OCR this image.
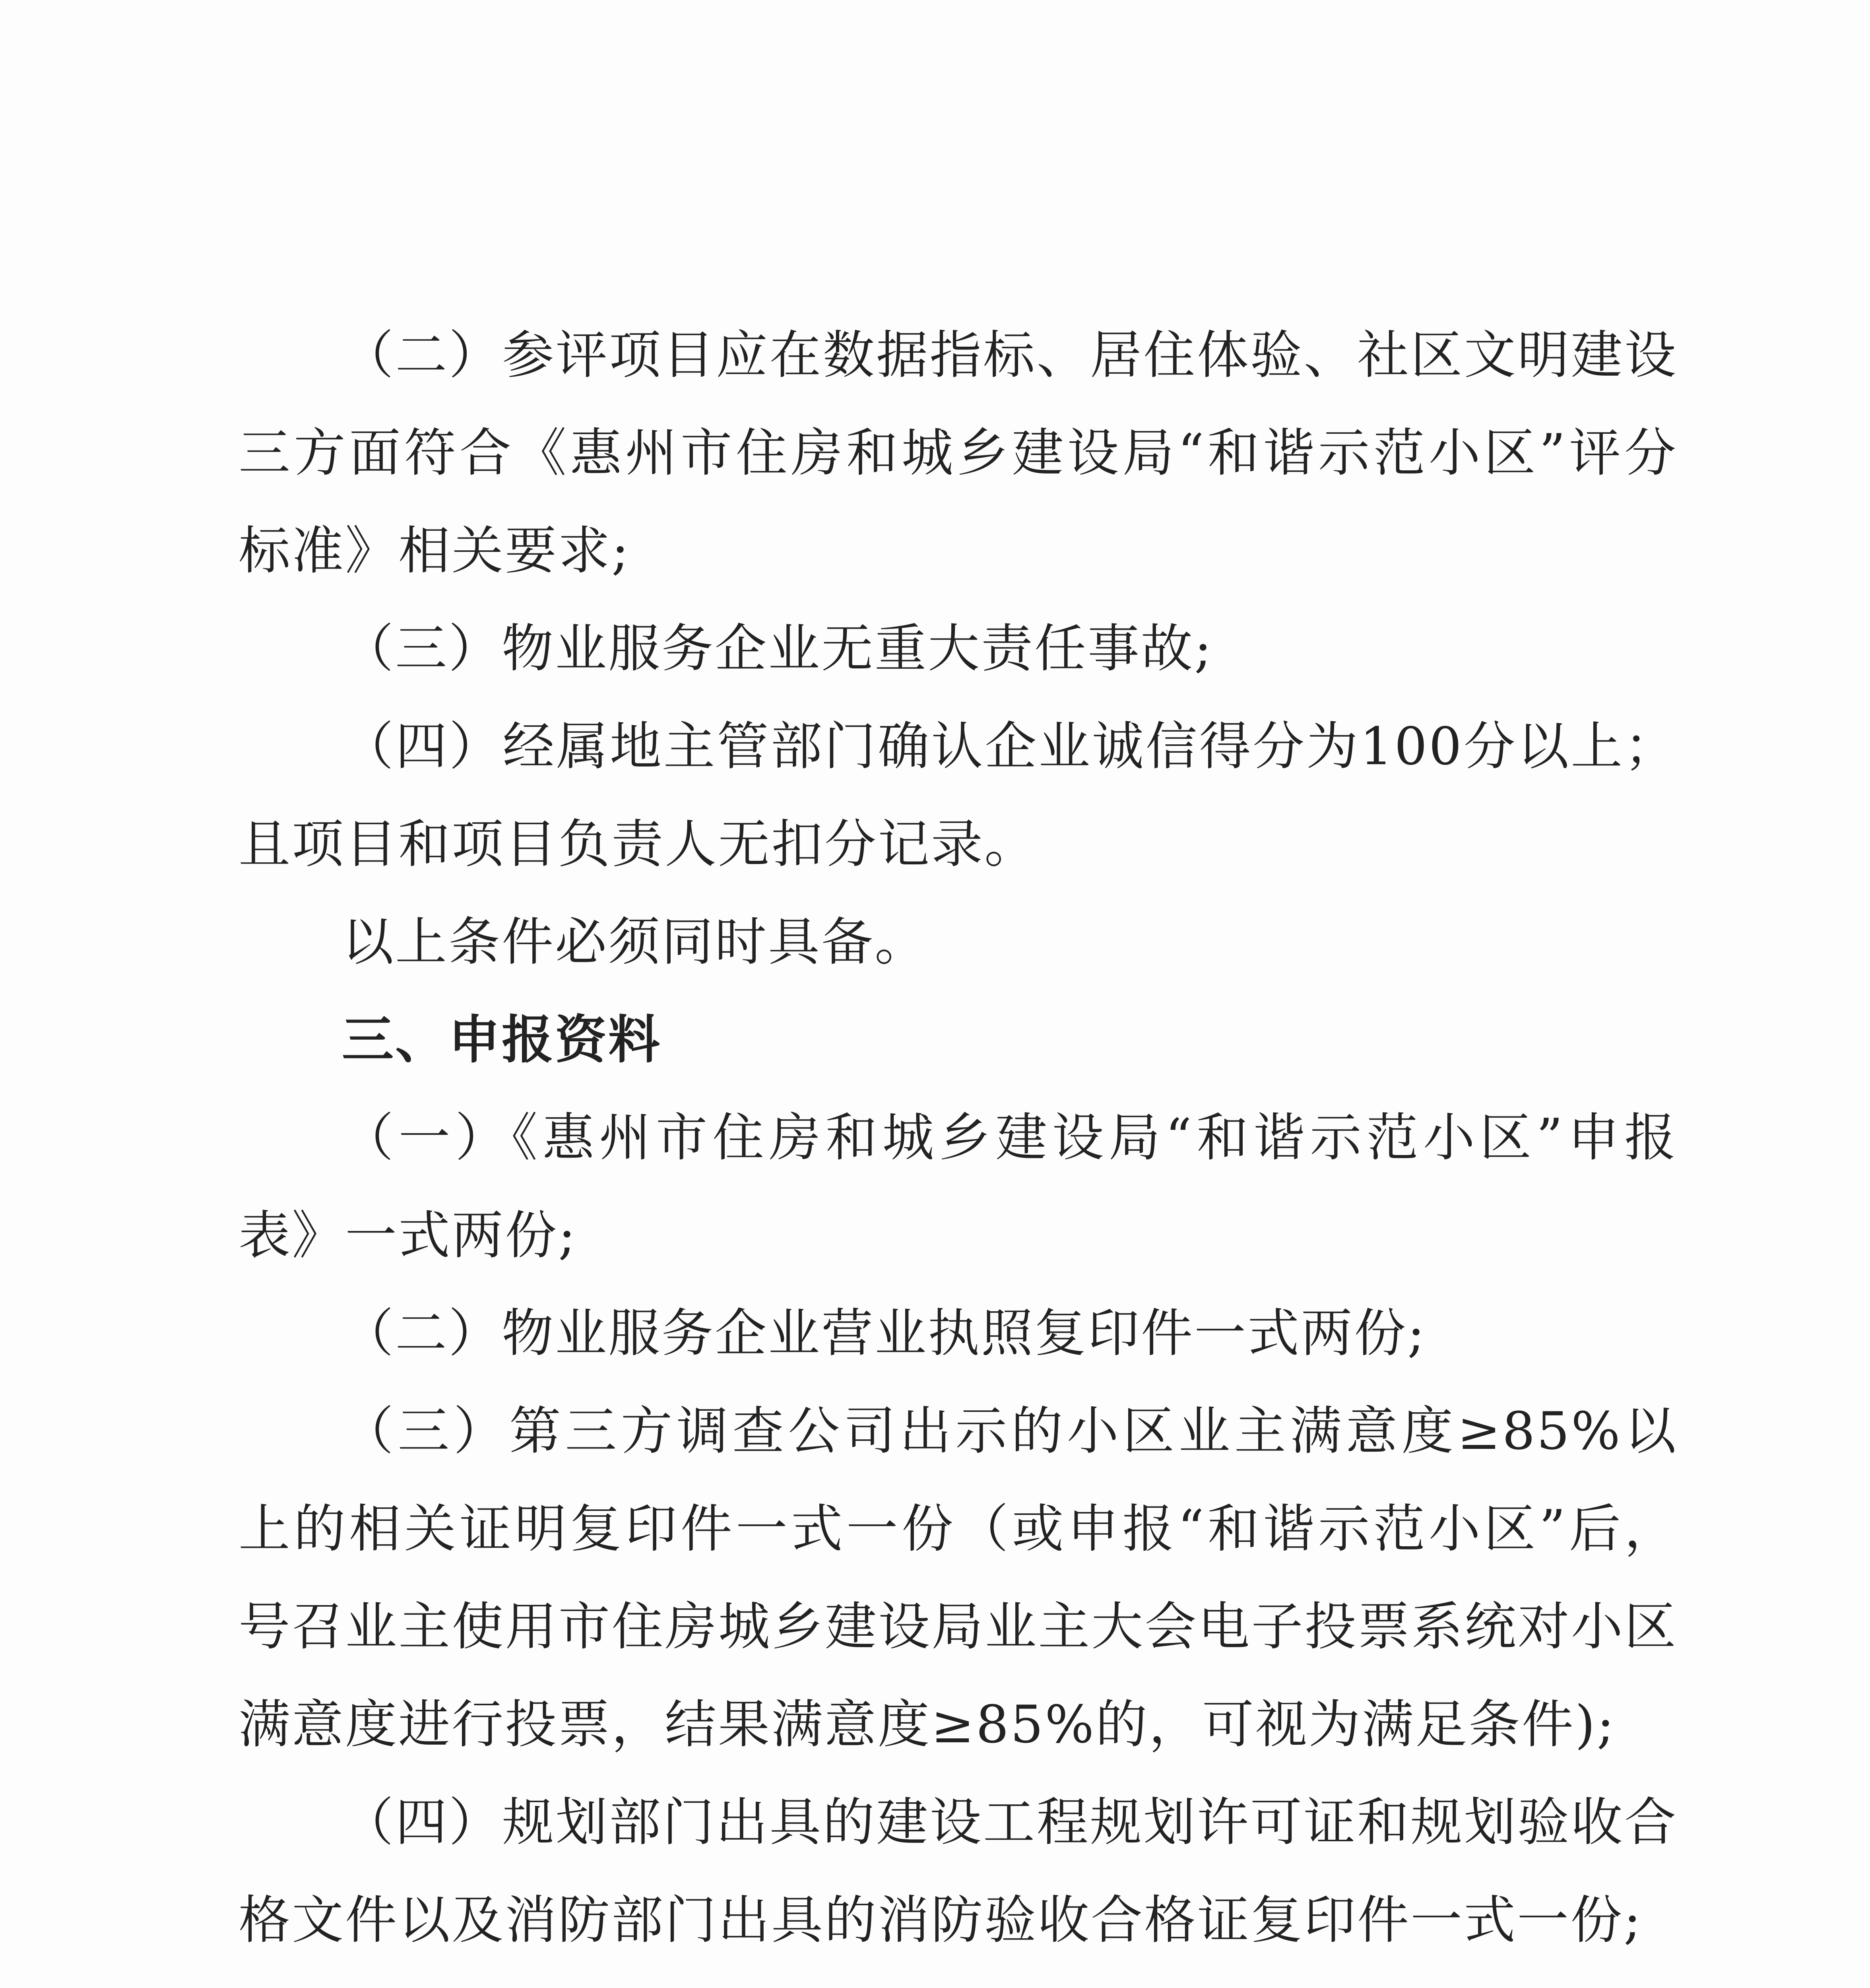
（二）参评项目应在数据指标、居住体验、社区文明建设三方面符合《惠州市住房和城乡建设局“和谐示范小区”评分标准》相关要求;

（三）物业服务企业无重大责任事故;

（四）经属地主管部门确认企业诚信得分为100分以上；且项目和项目负责人无扣分记录。

以上条件必须同时具备。

三、申报资料

（一）《惠州市住房和城乡建设局“和谐示范小区”申报表》一式两份;

（二）物业服务企业营业执照复印件一式两份;

（三）第三方调查公司出示的小区业主满意度≥85%以上的相关证明复印件一式一份（或申报“和谐示范小区”后，号召业主使用市住房城乡建设局业主大会电子投票系统对小区满意度进行投票，结果满意度≥85%的，可视为满足条件);

（四）规划部门出具的建设工程规划许可证和规划验收合格文件以及消防部门出具的消防验收合格证复印件一式一份;
